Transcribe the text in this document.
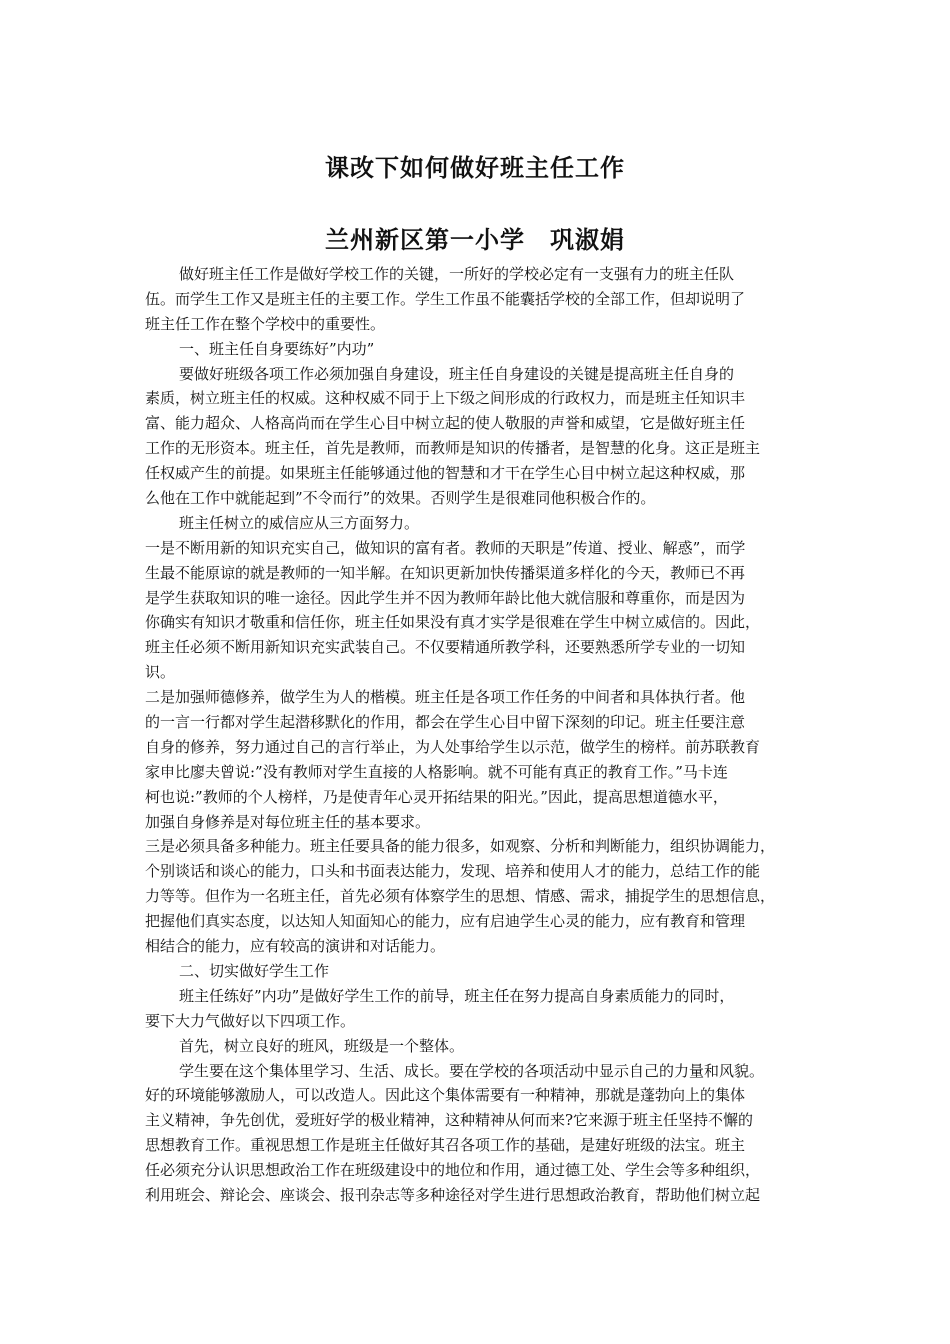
课改下如何做好班主任工作
兰州新区第一小学　巩淑娟
做好班主任工作是做好学校工作的关键，一所好的学校必定有一支强有力的班主任队
伍。而学生工作又是班主任的主要工作。学生工作虽不能囊括学校的全部工作，但却说明了
班主任工作在整个学校中的重要性。
一、班主任自身要练好”内功”
要做好班级各项工作必须加强自身建设，班主任自身建设的关键是提高班主任自身的
素质，树立班主任的权威。这种权威不同于上下级之间形成的行政权力，而是班主任知识丰
富、能力超众、人格高尚而在学生心目中树立起的使人敬服的声誉和威望，它是做好班主任
工作的无形资本。班主任，首先是教师，而教师是知识的传播者，是智慧的化身。这正是班主
任权威产生的前提。如果班主任能够通过他的智慧和才干在学生心目中树立起这种权威，那
么他在工作中就能起到”不令而行”的效果。否则学生是很难同他积极合作的。
班主任树立的威信应从三方面努力。
一是不断用新的知识充实自己，做知识的富有者。教师的天职是”传道、授业、解惑”，而学
生最不能原谅的就是教师的一知半解。在知识更新加快传播渠道多样化的今天，教师已不再
是学生获取知识的唯一途径。因此学生并不因为教师年龄比他大就信服和尊重你，而是因为
你确实有知识才敬重和信任你，班主任如果没有真才实学是很难在学生中树立威信的。因此，
班主任必须不断用新知识充实武装自己。不仅要精通所教学科，还要熟悉所学专业的一切知
识。
二是加强师德修养，做学生为人的楷模。班主任是各项工作任务的中间者和具体执行者。他
的一言一行都对学生起潜移默化的作用，都会在学生心目中留下深刻的印记。班主任要注意
自身的修养，努力通过自己的言行举止，为人处事给学生以示范，做学生的榜样。前苏联教育
家申比廖夫曾说:”没有教师对学生直接的人格影响。就不可能有真正的教育工作。”马卡连
柯也说:”教师的个人榜样，乃是使青年心灵开拓结果的阳光。”因此，提高思想道德水平，
加强自身修养是对每位班主任的基本要求。
三是必须具备多种能力。班主任要具备的能力很多，如观察、分析和判断能力，组织协调能力，
个别谈话和谈心的能力，口头和书面表达能力，发现、培养和使用人才的能力，总结工作的能
力等等。但作为一名班主任，首先必须有体察学生的思想、情感、需求，捕捉学生的思想信息，
把握他们真实态度，以达知人知面知心的能力，应有启迪学生心灵的能力，应有教育和管理
相结合的能力，应有较高的演讲和对话能力。
二、切实做好学生工作
班主任练好”内功”是做好学生工作的前导，班主任在努力提高自身素质能力的同时，
要下大力气做好以下四项工作。
首先，树立良好的班风，班级是一个整体。
学生要在这个集体里学习、生活、成长。要在学校的各项活动中显示自己的力量和风貌。
好的环境能够激励人，可以改造人。因此这个集体需要有一种精神，那就是蓬勃向上的集体
主义精神，争先创优，爱班好学的极业精神，这种精神从何而来?它来源于班主任坚持不懈的
思想教育工作。重视思想工作是班主任做好其召各项工作的基础，是建好班级的法宝。班主
任必须充分认识思想政治工作在班级建设中的地位和作用，通过德工处、学生会等多种组织，
利用班会、辩论会、座谈会、报刊杂志等多种途径对学生进行思想政治教育，帮助他们树立起
